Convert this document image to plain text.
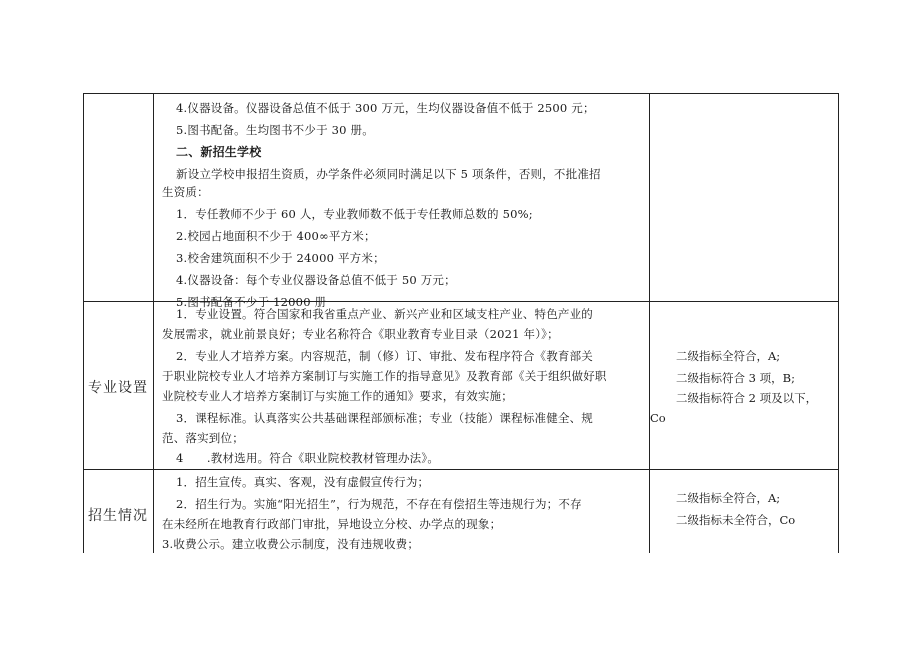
4.仪器设备。仪器设备总值不低于 300 万元，生均仪器设备值不低于 2500 元；
5.图书配备。生均图书不少于 30 册。
二、新招生学校
新设立学校申报招生资质，办学条件必须同时满足以下 5 项条件，否则，不批准招
生资质：
1．专任教师不少于 60 人，专业教师数不低于专任教师总数的 50%;
2.校园占地面积不少于 400∞平方米；
3.校舍建筑面积不少于 24000 平方米；
4.仪器设备：每个专业仪器设备总值不低于 50 万元；
5.图书配备不少于 12000 册
专业设置
1．专业设置。符合国家和我省重点产业、新兴产业和区域支柱产业、特色产业的
发展需求，就业前景良好；专业名称符合《职业教育专业目录（2021 年）》；
2．专业人才培养方案。内容规范，制（修）订、审批、发布程序符合《教育部关
于职业院校专业人才培养方案制订与实施工作的指导意见》及教育部《关于组织做好职
业院校专业人才培养方案制订与实施工作的通知》要求，有效实施；
3．课程标准。认真落实公共基础课程部颁标准；专业（技能）课程标准健全、规
范、落实到位；
4　　.教材选用。符合《职业院校教材管理办法》。
二级指标全符合，A;
二级指标符合 3 项，B;
二级指标符合 2 项及以下，
Co
招生情况
1．招生宣传。真实、客观，没有虚假宣传行为；
2．招生行为。实施“阳光招生”，行为规范，不存在有偿招生等违规行为；不存
在未经所在地教育行政部门审批，异地设立分校、办学点的现象；
3.收费公示。建立收费公示制度，没有违规收费；
二级指标全符合，A;
二级指标未全符合，Co
